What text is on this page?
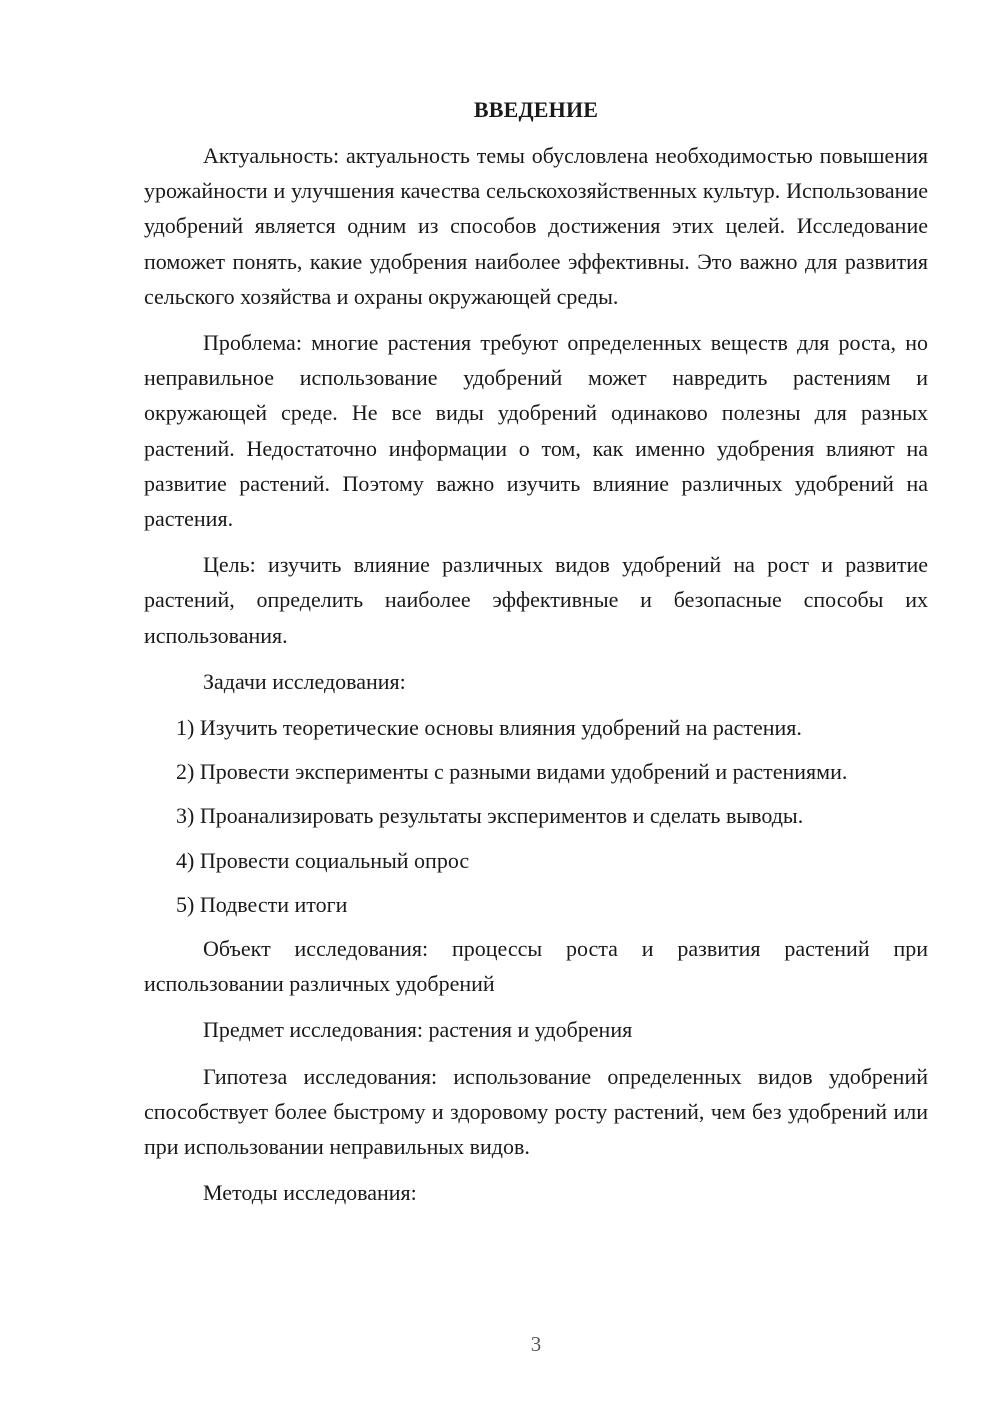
ВВЕДЕНИЕ

Актуальность: актуальность темы обусловлена необходимостью повышения урожайности и улучшения качества сельскохозяйственных культур. Использование удобрений является одним из способов достижения этих целей. Исследование поможет понять, какие удобрения наиболее эффективны. Это важно для развития сельского хозяйства и охраны окружающей среды.

Проблема: многие растения требуют определенных веществ для роста, но неправильное использование удобрений может навредить растениям и окружающей среде. Не все виды удобрений одинаково полезны для разных растений. Недостаточно информации о том, как именно удобрения влияют на развитие растений. Поэтому важно изучить влияние различных удобрений на растения.

Цель: изучить влияние различных видов удобрений на рост и развитие растений, определить наиболее эффективные и безопасные способы их использования.

Задачи исследования:

1) Изучить теоретические основы влияния удобрений на растения.

2) Провести эксперименты с разными видами удобрений и растениями.

3) Проанализировать результаты экспериментов и сделать выводы.

4) Провести социальный опрос

5) Подвести итоги

Объект исследования: процессы роста и развития растений при использовании различных удобрений

Предмет исследования: растения и удобрения

Гипотеза исследования: использование определенных видов удобрений способствует более быстрому и здоровому росту растений, чем без удобрений или при использовании неправильных видов.

Методы исследования:

3
